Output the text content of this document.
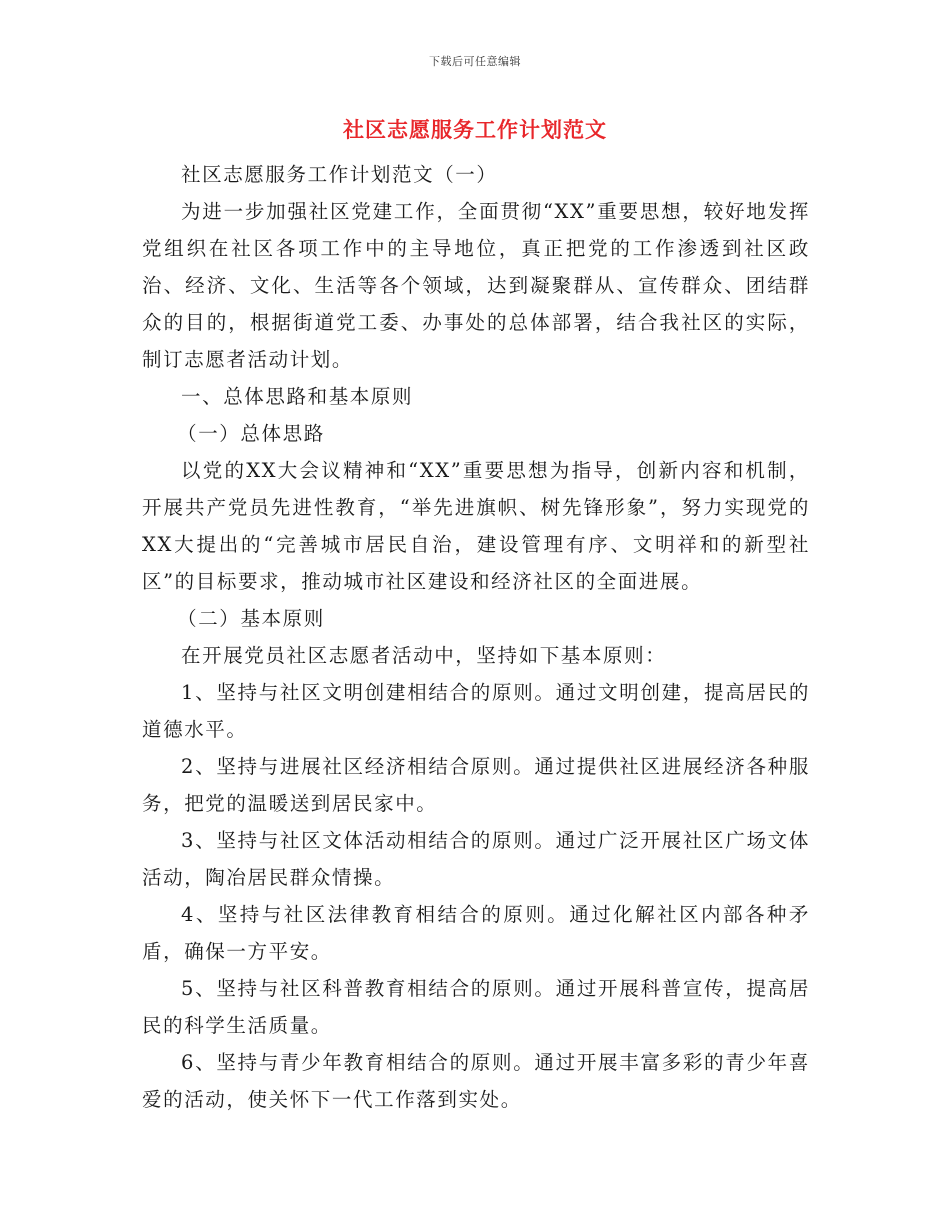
下载后可任意编辑
社区志愿服务工作计划范文

社区志愿服务工作计划范文（一）

为进一步加强社区党建工作，全面贯彻“XX”重要思想，较好地发挥党组织在社区各项工作中的主导地位，真正把党的工作渗透到社区政治、经济、文化、生活等各个领域，达到凝聚群从、宣传群众、团结群众的目的，根据街道党工委、办事处的总体部署，结合我社区的实际，制订志愿者活动计划。

一、总体思路和基本原则

（一）总体思路

以党的XX大会议精神和“XX”重要思想为指导，创新内容和机制，开展共产党员先进性教育，“举先进旗帜、树先锋形象”，努力实现党的XX大提出的“完善城市居民自治，建设管理有序、文明祥和的新型社区”的目标要求，推动城市社区建设和经济社区的全面进展。

（二）基本原则

在开展党员社区志愿者活动中，坚持如下基本原则：

1、坚持与社区文明创建相结合的原则。通过文明创建，提高居民的道德水平。

2、坚持与进展社区经济相结合原则。通过提供社区进展经济各种服务，把党的温暖送到居民家中。

3、坚持与社区文体活动相结合的原则。通过广泛开展社区广场文体活动，陶冶居民群众情操。

4、坚持与社区法律教育相结合的原则。通过化解社区内部各种矛盾，确保一方平安。

5、坚持与社区科普教育相结合的原则。通过开展科普宣传，提高居民的科学生活质量。

6、坚持与青少年教育相结合的原则。通过开展丰富多彩的青少年喜爱的活动，使关怀下一代工作落到实处。
